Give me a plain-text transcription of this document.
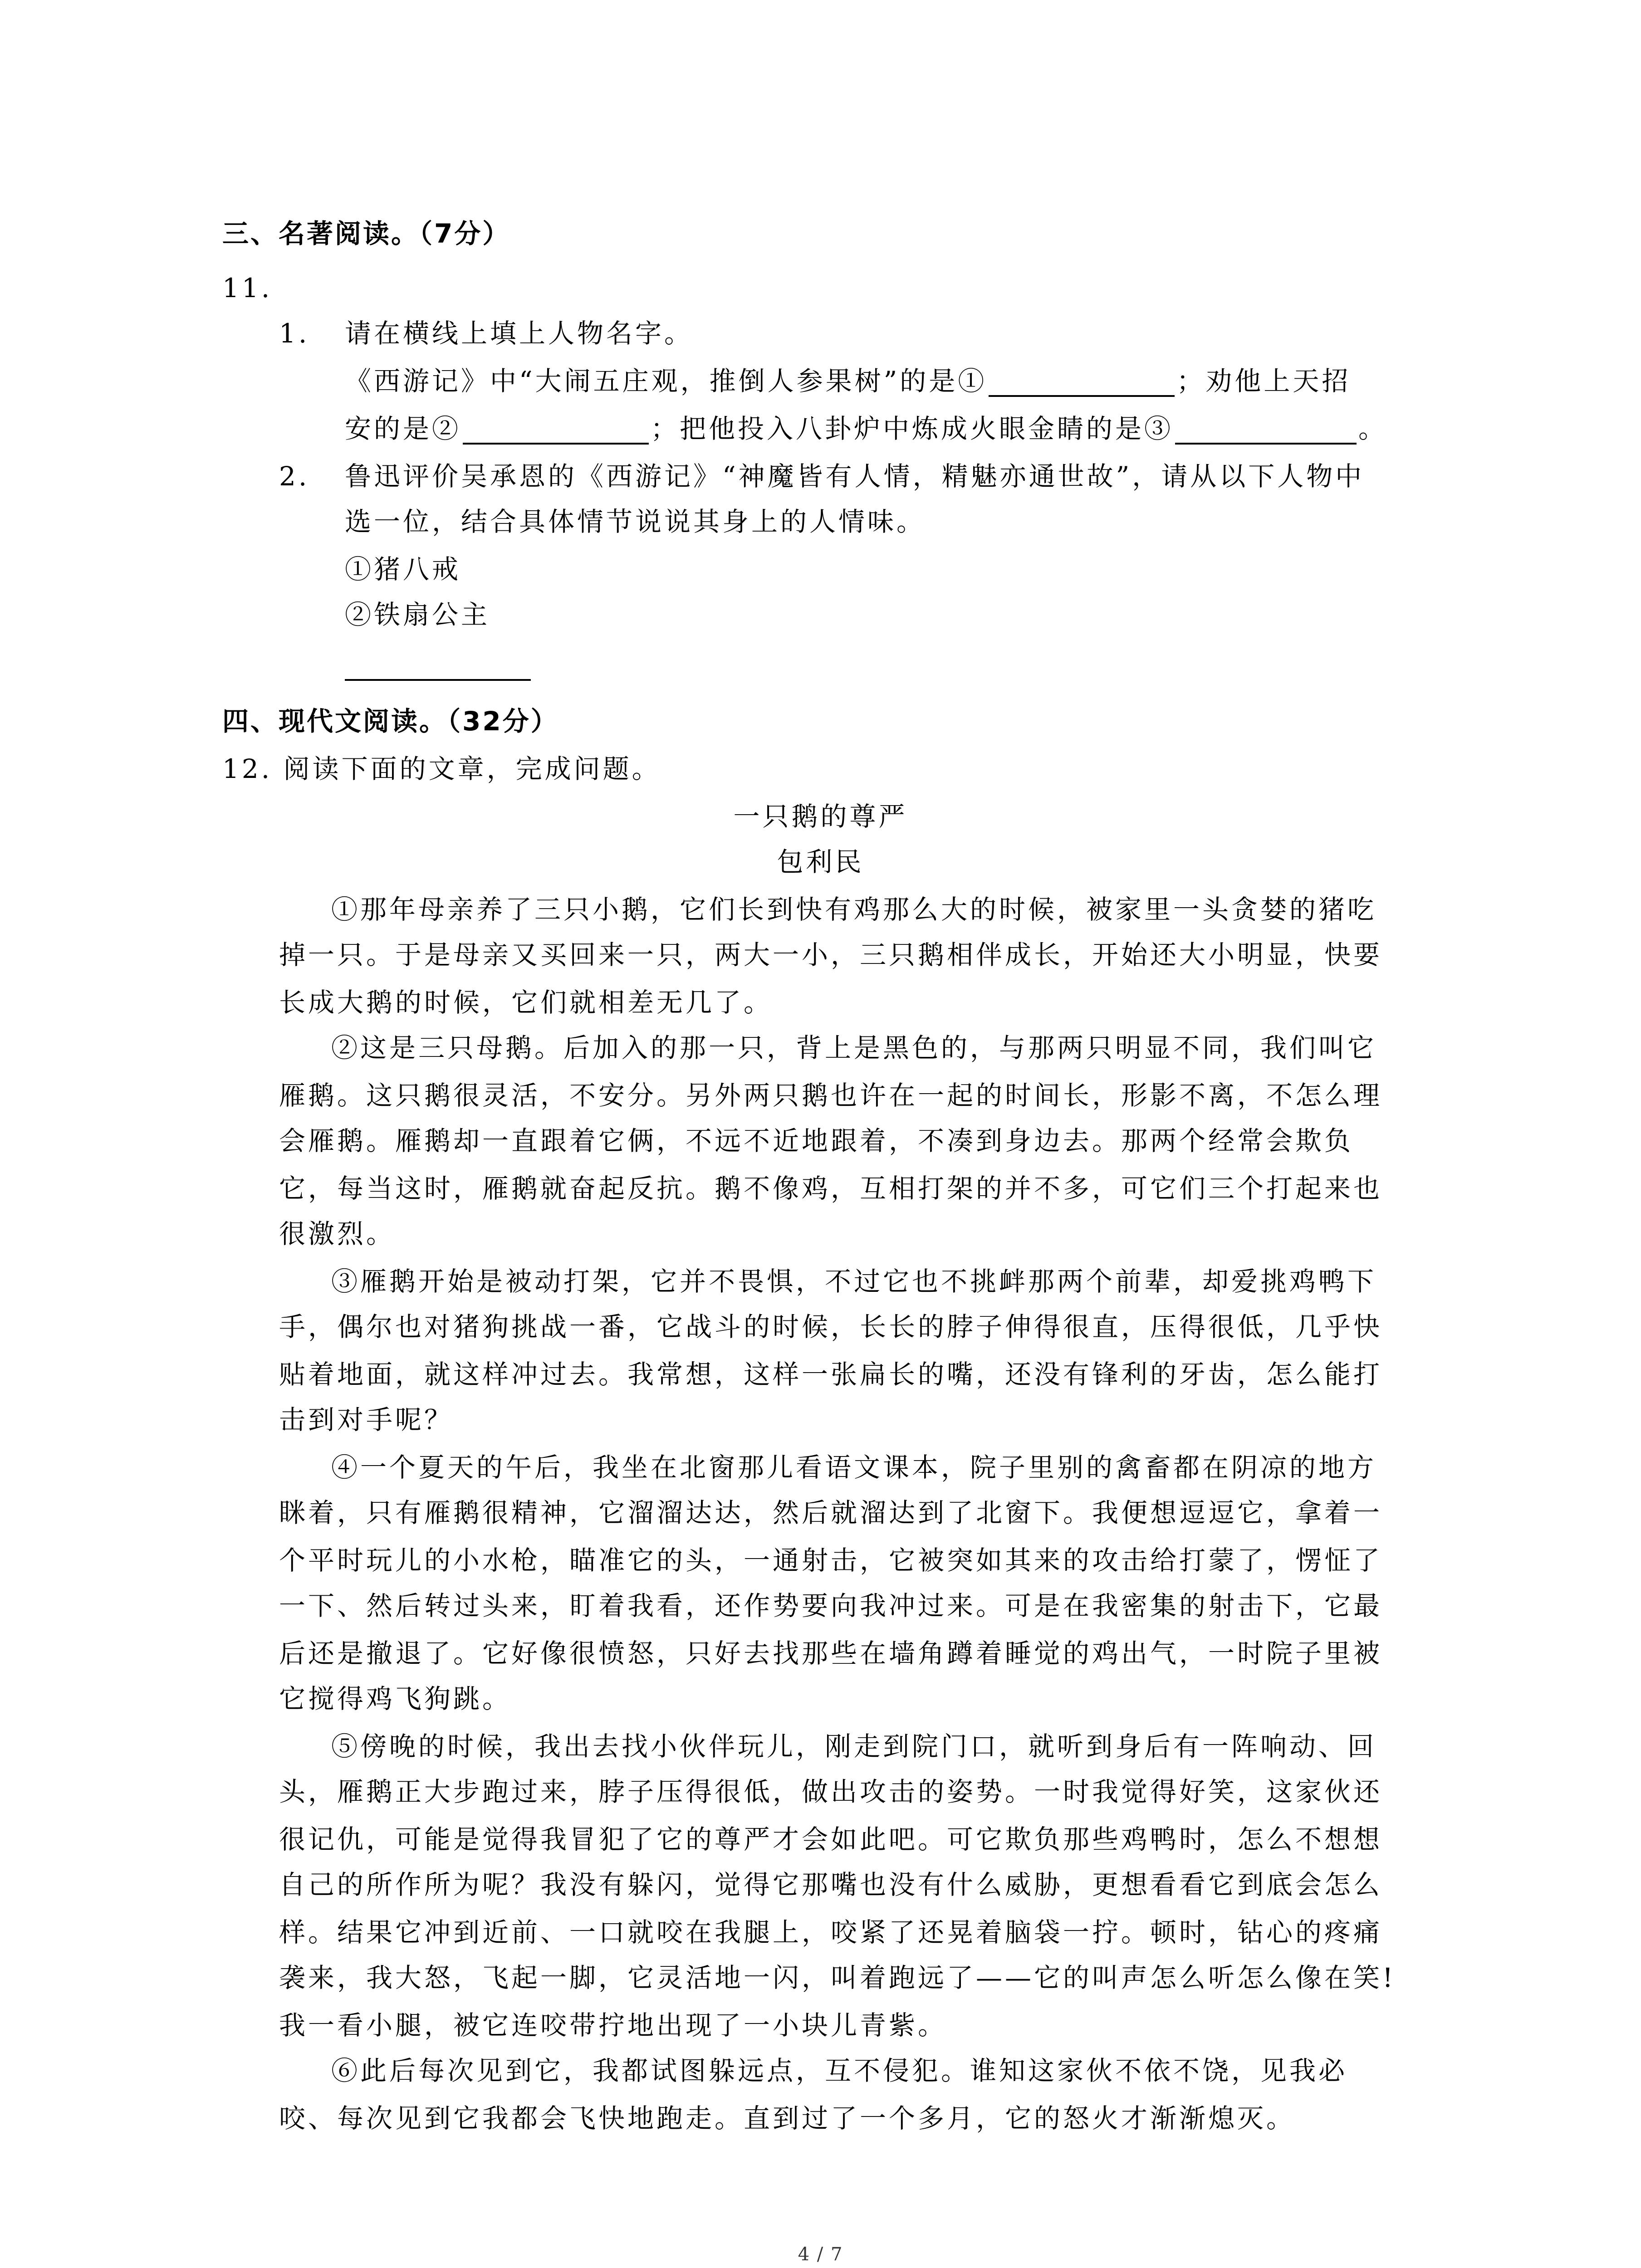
三、名著阅读。（7分）
11.
1. 请在横线上填上人物名字。
《西游记》中“大闹五庄观，推倒人参果树”的是①	；劝他上天招
安的是②	；把他投入八卦炉中炼成火眼金睛的是③	。
2. 鲁迅评价吴承恩的《西游记》“神魔皆有人情，精魅亦通世故”，请从以下人物中
选一位，结合具体情节说说其身上的人情味。
①猪八戒
②铁扇公主
四、现代文阅读。（32分）
12. 阅读下面的文章，完成问题。
一只鹅的尊严
包利民
①那年母亲养了三只小鹅，它们长到快有鸡那么大的时候，被家里一头贪婪的猪吃
掉一只。于是母亲又买回来一只，两大一小，三只鹅相伴成长，开始还大小明显，快要
长成大鹅的时候，它们就相差无几了。
②这是三只母鹅。后加入的那一只，背上是黑色的，与那两只明显不同，我们叫它
雁鹅。这只鹅很灵活，不安分。另外两只鹅也许在一起的时间长，形影不离，不怎么理
会雁鹅。雁鹅却一直跟着它俩，不远不近地跟着，不凑到身边去。那两个经常会欺负
它，每当这时，雁鹅就奋起反抗。鹅不像鸡，互相打架的并不多，可它们三个打起来也
很激烈。
③雁鹅开始是被动打架，它并不畏惧，不过它也不挑衅那两个前辈，却爱挑鸡鸭下
手，偶尔也对猪狗挑战一番，它战斗的时候，长长的脖子伸得很直，压得很低，几乎快
贴着地面，就这样冲过去。我常想，这样一张扁长的嘴，还没有锋利的牙齿，怎么能打
击到对手呢？
④一个夏天的午后，我坐在北窗那儿看语文课本，院子里别的禽畜都在阴凉的地方
眯着，只有雁鹅很精神，它溜溜达达，然后就溜达到了北窗下。我便想逗逗它，拿着一
个平时玩儿的小水枪，瞄准它的头，一通射击，它被突如其来的攻击给打蒙了，愣怔了
一下、然后转过头来，盯着我看，还作势要向我冲过来。可是在我密集的射击下，它最
后还是撤退了。它好像很愤怒，只好去找那些在墙角蹲着睡觉的鸡出气，一时院子里被
它搅得鸡飞狗跳。
⑤傍晚的时候，我出去找小伙伴玩儿，刚走到院门口，就听到身后有一阵响动、回
头，雁鹅正大步跑过来，脖子压得很低，做出攻击的姿势。一时我觉得好笑，这家伙还
很记仇，可能是觉得我冒犯了它的尊严才会如此吧。可它欺负那些鸡鸭时，怎么不想想
自己的所作所为呢？我没有躲闪，觉得它那嘴也没有什么威胁，更想看看它到底会怎么
样。结果它冲到近前、一口就咬在我腿上，咬紧了还晃着脑袋一拧。顿时，钻心的疼痛
袭来，我大怒，飞起一脚，它灵活地一闪，叫着跑远了——它的叫声怎么听怎么像在笑!
我一看小腿，被它连咬带拧地出现了一小块儿青紫。
⑥此后每次见到它，我都试图躲远点，互不侵犯。谁知这家伙不依不饶，见我必
咬、每次见到它我都会飞快地跑走。直到过了一个多月，它的怒火才渐渐熄灭。
4 / 7
